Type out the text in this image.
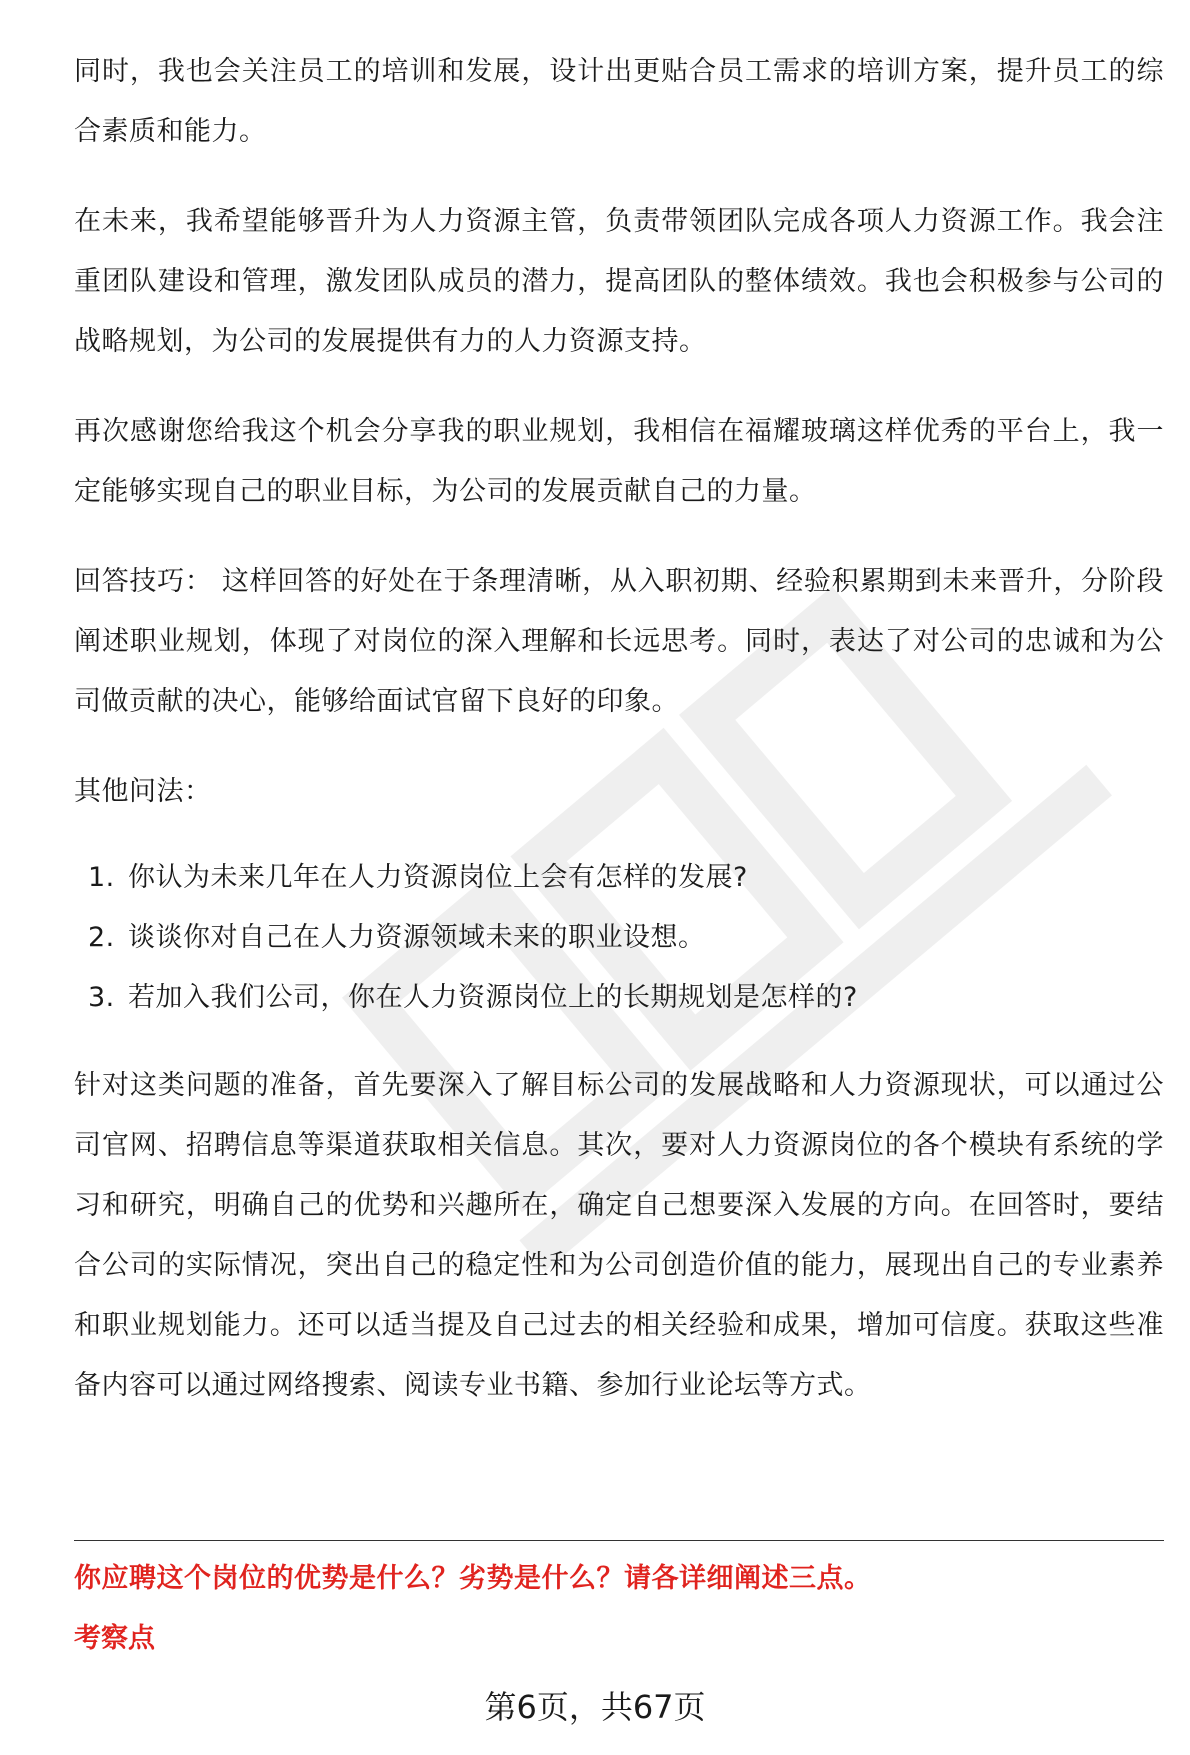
同时，我也会关注员工的培训和发展，设计出更贴合员工需求的培训方案，提升员工的综合素质和能力。

在未来，我希望能够晋升为人力资源主管，负责带领团队完成各项人力资源工作。我会注重团队建设和管理，激发团队成员的潜力，提高团队的整体绩效。我也会积极参与公司的战略规划，为公司的发展提供有力的人力资源支持。

再次感谢您给我这个机会分享我的职业规划，我相信在福耀玻璃这样优秀的平台上，我一定能够实现自己的职业目标，为公司的发展贡献自己的力量。

回答技巧： 这样回答的好处在于条理清晰，从入职初期、经验积累期到未来晋升，分阶段阐述职业规划，体现了对岗位的深入理解和长远思考。同时，表达了对公司的忠诚和为公司做贡献的决心，能够给面试官留下良好的印象。

其他问法：

1. 你认为未来几年在人力资源岗位上会有怎样的发展?
2. 谈谈你对自己在人力资源领域未来的职业设想。
3. 若加入我们公司，你在人力资源岗位上的长期规划是怎样的?

针对这类问题的准备，首先要深入了解目标公司的发展战略和人力资源现状，可以通过公司官网、招聘信息等渠道获取相关信息。其次，要对人力资源岗位的各个模块有系统的学习和研究，明确自己的优势和兴趣所在，确定自己想要深入发展的方向。在回答时，要结合公司的实际情况，突出自己的稳定性和为公司创造价值的能力，展现出自己的专业素养和职业规划能力。还可以适当提及自己过去的相关经验和成果，增加可信度。获取这些准备内容可以通过网络搜索、阅读专业书籍、参加行业论坛等方式。

你应聘这个岗位的优势是什么？劣势是什么？请各详细阐述三点。
考察点
第6页，共67页
